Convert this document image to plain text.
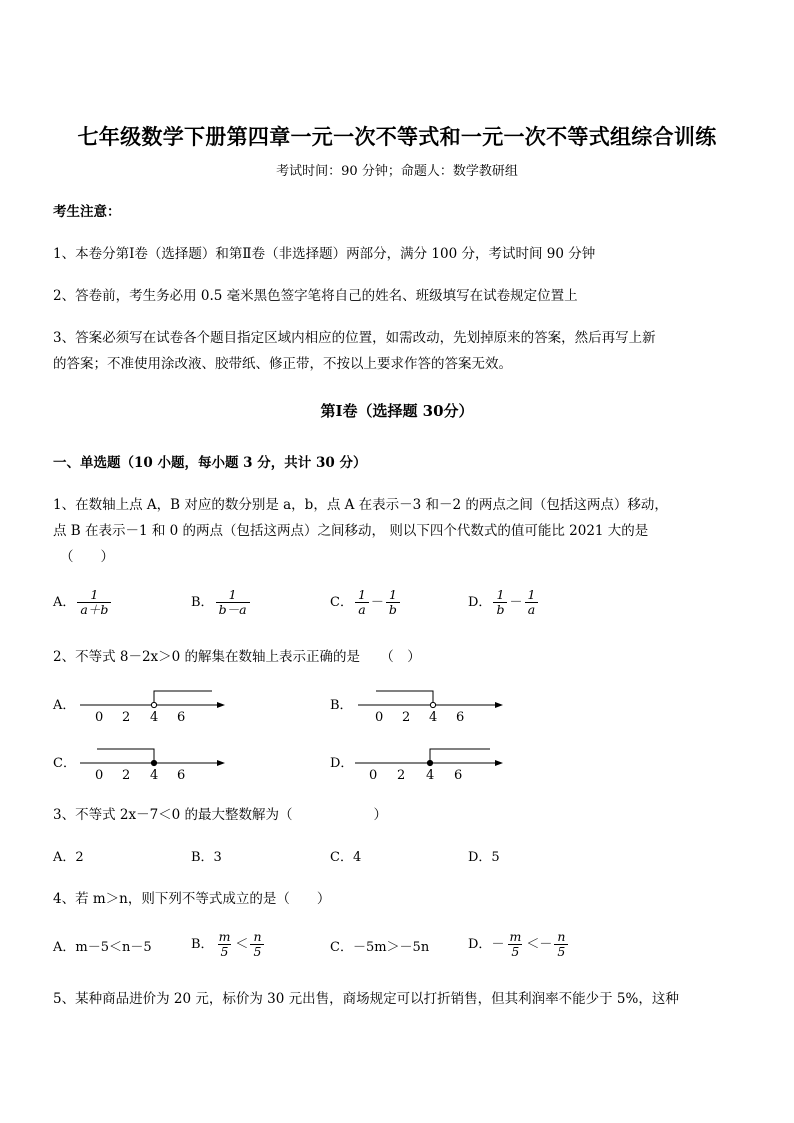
七年级数学下册第四章一元一次不等式和一元一次不等式组综合训练
考试时间：90 分钟；命题人：数学教研组
考生注意：
1、本卷分第Ⅰ卷（选择题）和第Ⅱ卷（非选择题）两部分，满分 100 分，考试时间 90 分钟
2、答卷前，考生务必用 0.5 毫米黑色签字笔将自己的姓名、班级填写在试卷规定位置上
3、答案必须写在试卷各个题目指定区域内相应的位置，如需改动，先划掉原来的答案，然后再写上新
的答案；不准使用涂改液、胶带纸、修正带，不按以上要求作答的答案无效。
第Ⅰ卷（选择题 30分）
一、单选题（10 小题，每小题 3 分，共计 30 分）
1、在数轴上点 A，B 对应的数分别是 a，b，点 A 在表示－3 和－2 的两点之间（包括这两点）移动，
点 B 在表示－1 和 0 的两点（包括这两点）之间移动， 则以下四个代数式的值可能比 2021 大的是
（　　）
A． $\frac{1}{a+b}$	B． $\frac{1}{b-a}$	C． $\frac{1}{a} - \frac{1}{b}$	D． $\frac{1}{b} - \frac{1}{a}$
2、不等式 8－2x＞0 的解集在数轴上表示正确的是　　（　）
A．
0 2 4 6
B．
0 2 4 6
C．
0 2 4 6
D．
0 2 4 6
3、不等式 2x－7＜0 的最大整数解为（　　　　　　）
A．2	B．3	C．4	D．5
4、若 m＞n，则下列不等式成立的是（　　）
A．m－5＜n－5	B． $\frac{m}{5} < \frac{n}{5}$	C．－5m＞－5n	D．－ $\frac{m}{5} <- \frac{n}{5}$
5、某种商品进价为 20 元，标价为 30 元出售，商场规定可以打折销售，但其利润率不能少于 5%，这种
